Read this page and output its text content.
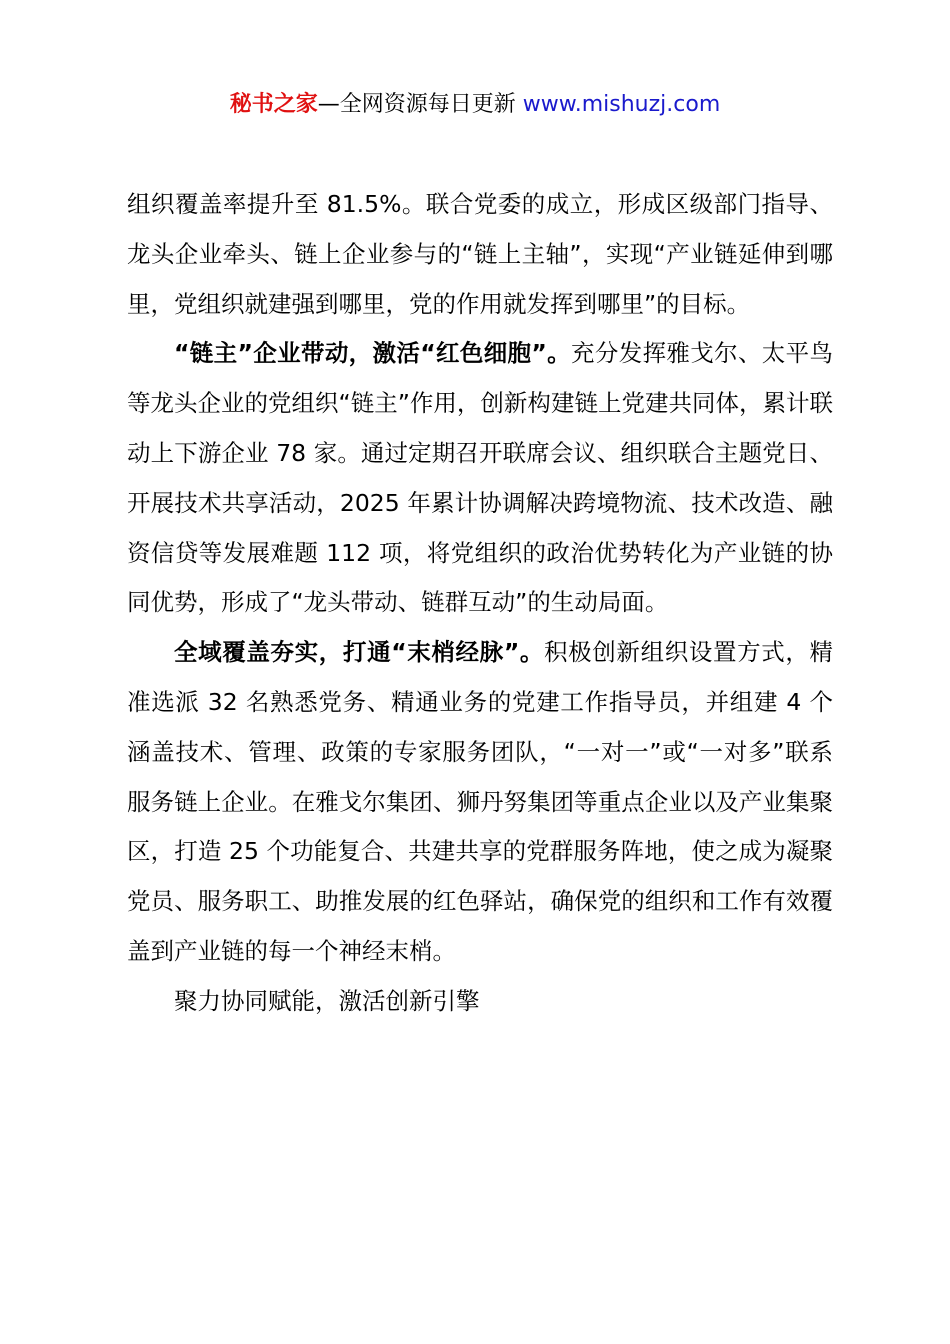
秘书之家—全网资源每日更新 www.mishuzj.com

组织覆盖率提升至 81.5%。联合党委的成立，形成区级部门指导、龙头企业牵头、链上企业参与的“链上主轴”，实现“产业链延伸到哪里，党组织就建强到哪里，党的作用就发挥到哪里”的目标。

“链主”企业带动，激活“红色细胞”。充分发挥雅戈尔、太平鸟等龙头企业的党组织“链主”作用，创新构建链上党建共同体，累计联动上下游企业 78 家。通过定期召开联席会议、组织联合主题党日、开展技术共享活动，2025 年累计协调解决跨境物流、技术改造、融资信贷等发展难题 112 项，将党组织的政治优势转化为产业链的协同优势，形成了“龙头带动、链群互动”的生动局面。

全域覆盖夯实，打通“末梢经脉”。积极创新组织设置方式，精准选派 32 名熟悉党务、精通业务的党建工作指导员，并组建 4 个涵盖技术、管理、政策的专家服务团队，“一对一”或“一对多”联系服务链上企业。在雅戈尔集团、狮丹努集团等重点企业以及产业集聚区，打造 25 个功能复合、共建共享的党群服务阵地，使之成为凝聚党员、服务职工、助推发展的红色驿站，确保党的组织和工作有效覆盖到产业链的每一个神经末梢。

聚力协同赋能，激活创新引擎
